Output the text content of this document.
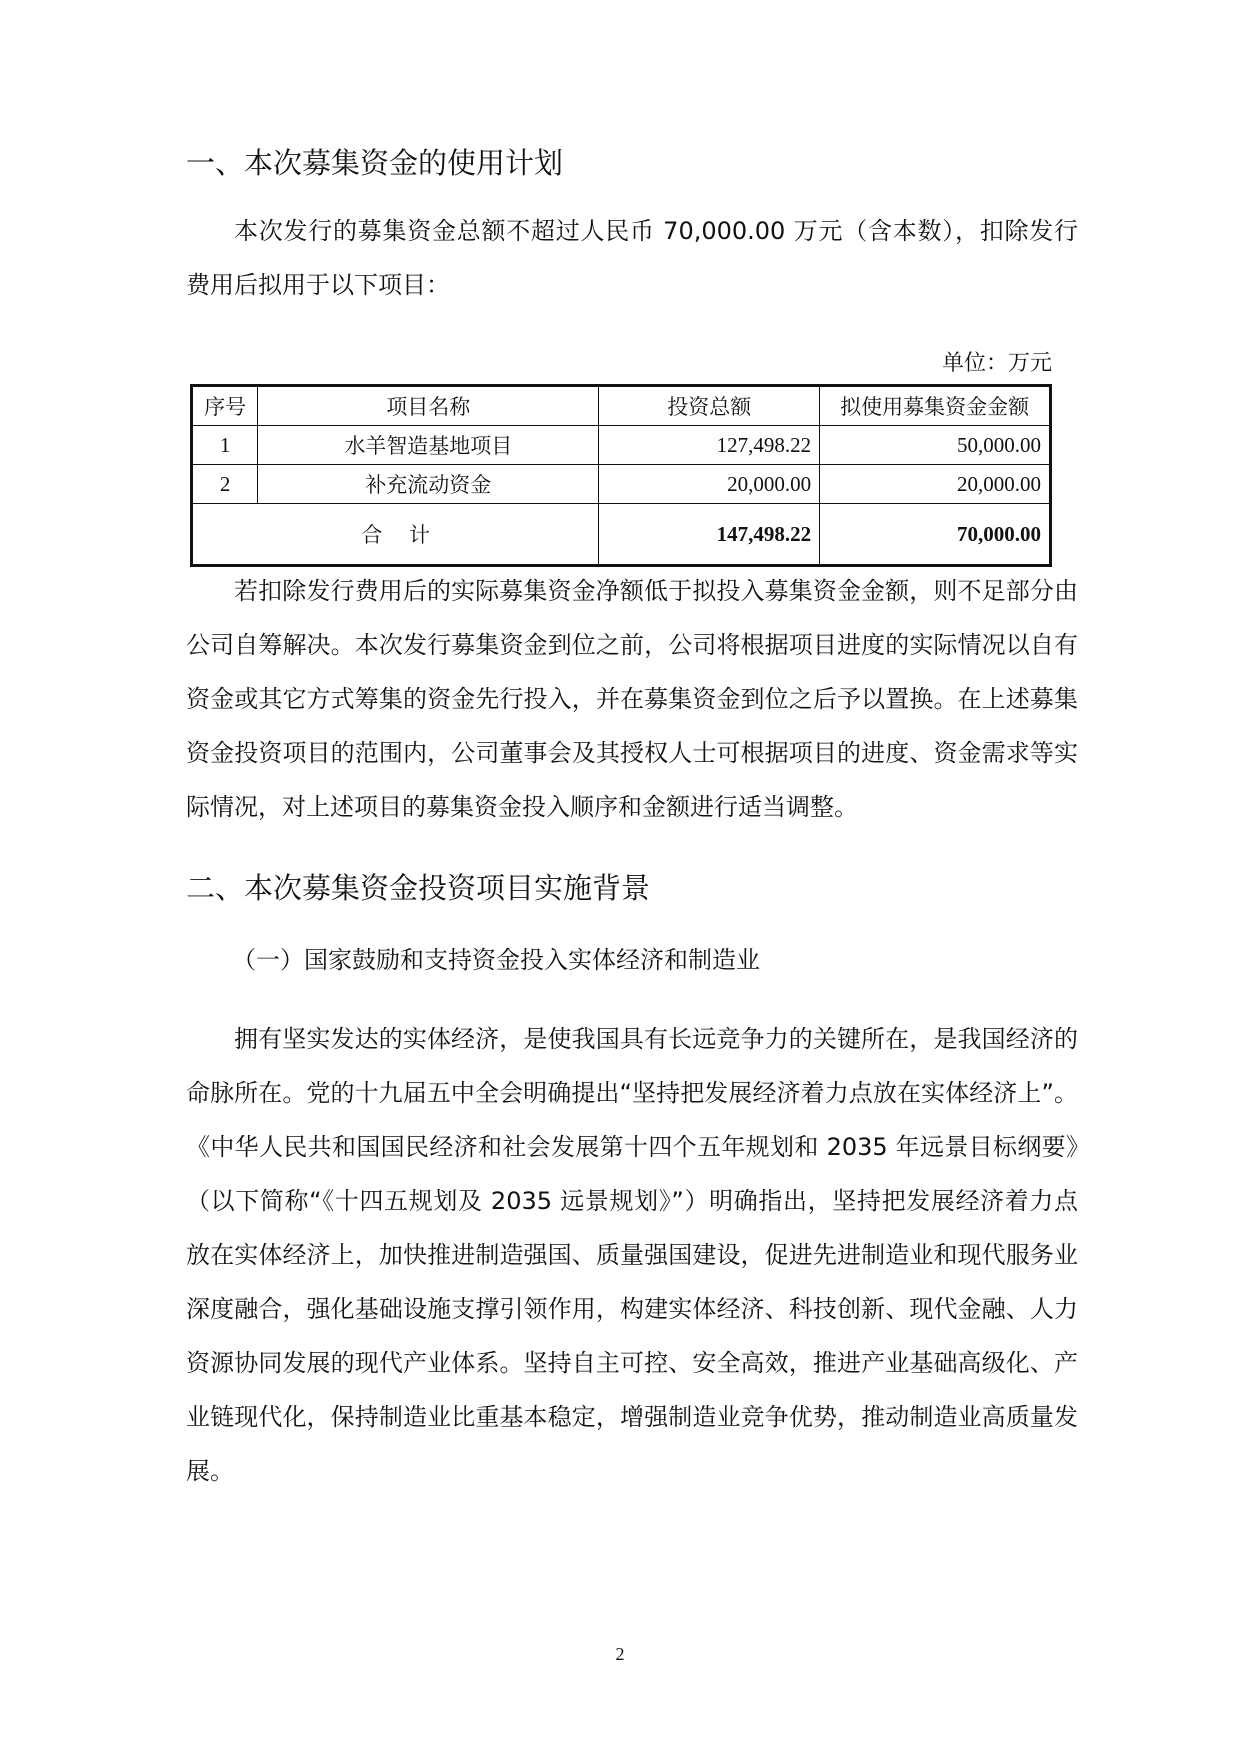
一、本次募集资金的使用计划

本次发行的募集资金总额不超过人民币 70,000.00 万元（含本数），扣除发行费用后拟用于以下项目：

单位：万元
序号	项目名称	投资总额	拟使用募集资金金额
1	水羊智造基地项目	127,498.22	50,000.00
2	补充流动资金	20,000.00	20,000.00
合    计		147,498.22	70,000.00

若扣除发行费用后的实际募集资金净额低于拟投入募集资金金额，则不足部分由公司自筹解决。本次发行募集资金到位之前，公司将根据项目进度的实际情况以自有资金或其它方式筹集的资金先行投入，并在募集资金到位之后予以置换。在上述募集资金投资项目的范围内，公司董事会及其授权人士可根据项目的进度、资金需求等实际情况，对上述项目的募集资金投入顺序和金额进行适当调整。

二、本次募集资金投资项目实施背景

（一）国家鼓励和支持资金投入实体经济和制造业

拥有坚实发达的实体经济，是使我国具有长远竞争力的关键所在，是我国经济的命脉所在。党的十九届五中全会明确提出“坚持把发展经济着力点放在实体经济上”。《中华人民共和国国民经济和社会发展第十四个五年规划和 2035 年远景目标纲要》（以下简称“《十四五规划及 2035 远景规划》”）明确指出，坚持把发展经济着力点放在实体经济上，加快推进制造强国、质量强国建设，促进先进制造业和现代服务业深度融合，强化基础设施支撑引领作用，构建实体经济、科技创新、现代金融、人力资源协同发展的现代产业体系。坚持自主可控、安全高效，推进产业基础高级化、产业链现代化，保持制造业比重基本稳定，增强制造业竞争优势，推动制造业高质量发展。

2
